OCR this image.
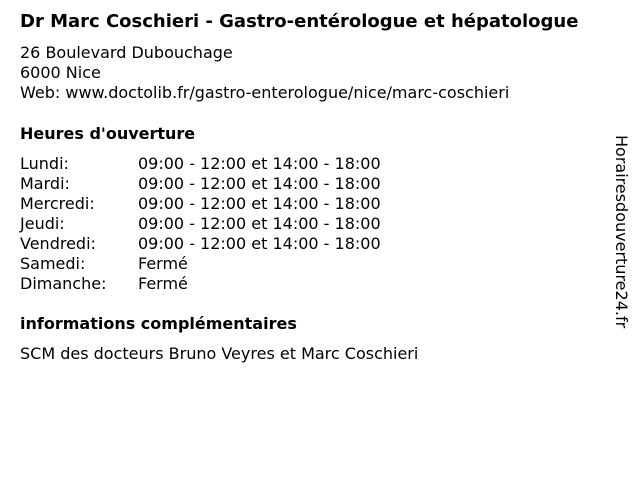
Dr Marc Coschieri - Gastro-entérologue et hépatologue
26 Boulevard Dubouchage
6000 Nice
Web: www.doctolib.fr/gastro-enterologue/nice/marc-coschieri
Heures d'ouverture
Lundi:	09:00 - 12:00 et 14:00 - 18:00
Mardi:	09:00 - 12:00 et 14:00 - 18:00
Mercredi:	09:00 - 12:00 et 14:00 - 18:00
Jeudi:	09:00 - 12:00 et 14:00 - 18:00
Vendredi:	09:00 - 12:00 et 14:00 - 18:00
Samedi:	Fermé
Dimanche:	Fermé
informations complémentaires
SCM des docteurs Bruno Veyres et Marc Coschieri
Horairesdouverture24.fr
